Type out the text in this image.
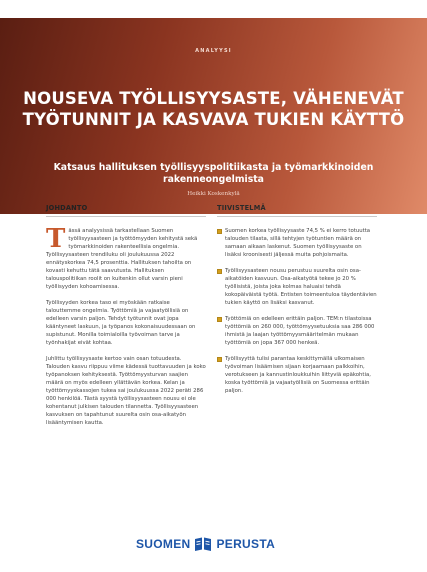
ANALYYSI
NOUSEVA TYÖLLISYYSASTE, VÄHENEVÄT TYÖTUNNIT JA KASVAVA TUKIEN KÄYTTÖ
Katsaus hallituksen työllisyyspolitiikasta ja työmarkkinoiden rakenneongelmista
Heikki Koskenkylä
JOHDANTO

Tässä analyysissä tarkastellaan Suomen työllisyysasteen ja työttömyyden kehitystä sekä työmarkkinoiden rakenteellisia ongelmia. Työllisyysasteen trendiluku oli joulukuussa 2022 ennätyskorkea 74,5 prosenttia. Hallituksen tahoilta on kovasti kehuttu tätä saavutusta. Hallituksen talouspolitiikan roolit on kuitenkin ollut varsin pieni työllisyyden kohoamisessa.

Työllisyyden korkea taso ei myöskään ratkaise talouttemme ongelmia. Työttömiä ja vajaatyöllisiä on edelleen varsin paljon. Tehdyt työtunnit ovat jopa kääntyneet laskuun, ja työpanos kokonaisuudessaan on supistunut. Monilla toimialoilla työvoiman tarve ja työnhakijat eivät kohtaa.

Juhlittu työllisyysaste kertoo vain osan totuudesta. Talouden kasvu riippuu viime kädessä tuottavuuden ja koko työpanoksen kehityksestä. Työttömyysturvan saajien määrä on myös edelleen yllättävän korkea. Kelan ja työttömyyskassojen tukea sai joulukuussa 2022 peräti 286 000 henkilöä. Tästä syystä työllisyysasteen nousu ei ole kohentanut julkisen talouden tilannetta. Työllisyysasteen kasvuksen on tapahtunut suurelta osin osa-aikatyön lisääntymisen kautta.

TIIVISTELMÄ

Suomen korkea työllisyysaste 74,5 % ei kerro totuutta talouden tilasta, sillä tehtyjen työtuntien määrä on samaan aikaan laskenut. Suomen työllisyysaste on lisäksi kroonisesti jäljessä muita pohjoismaita.

Työllisyysasteen nousu perustuu suurelta osin osa-aikatöiden kasvuun. Osa-aikatyötä tekee jo 20 % työllisistä, joista joka kolmas haluaisi tehdä kokopäiväistä työtä. Entisten toimeentuloa täydentävien tukien käyttö on lisäksi kasvanut.

Työttömiä on edelleen erittäin paljon. TEM:n tilastoissa työttömiä on 260 000, työttömyysetuuksia saa 286 000 ihmistä ja laajan työttömyysmääritelmän mukaan työttömiä on jopa 367 000 henkeä.

Työllisyyttä tulisi parantaa keskittymällä ulkomaisen työvoiman lisäämisen sijaan korjaamaan palkkoihin, verotukseen ja kannustinloukkuihin liittyviä epäkohtia, koska työttömiä ja vajaatyöllisiä on Suomessa erittäin paljon.

SUOMEN PERUSTA
